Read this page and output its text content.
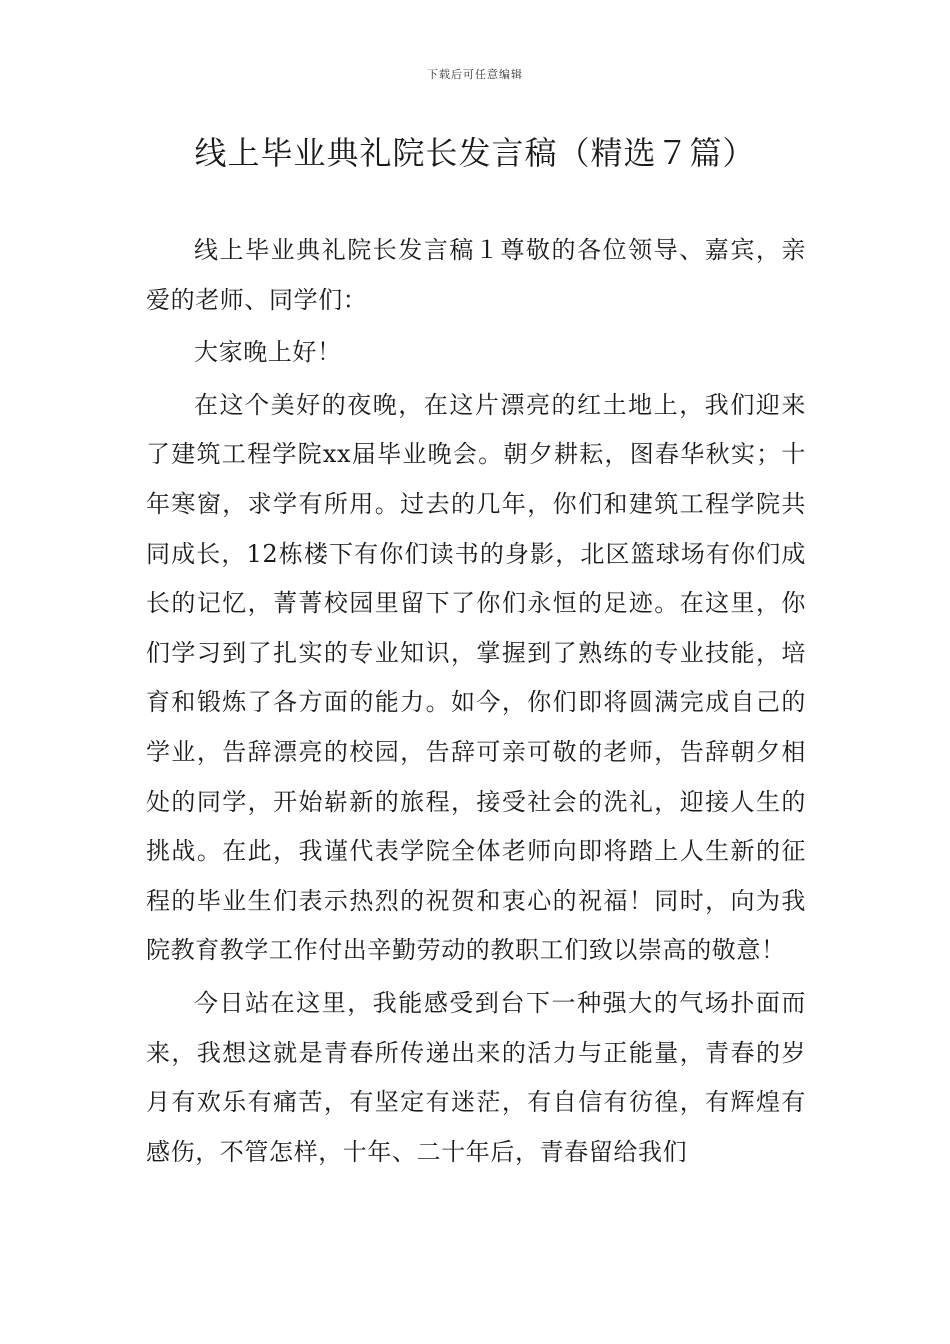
下载后可任意编辑
线上毕业典礼院长发言稿（精选７篇）

线上毕业典礼院长发言稿１尊敬的各位领导、嘉宾，亲爱的老师、同学们：

大家晚上好！

在这个美好的夜晚，在这片漂亮的红土地上，我们迎来了建筑工程学院xx届毕业晚会。朝夕耕耘，图春华秋实；十年寒窗，求学有所用。过去的几年，你们和建筑工程学院共同成长，12栋楼下有你们读书的身影，北区篮球场有你们成长的记忆，菁菁校园里留下了你们永恒的足迹。在这里，你们学习到了扎实的专业知识，掌握到了熟练的专业技能，培育和锻炼了各方面的能力。如今，你们即将圆满完成自己的学业，告辞漂亮的校园，告辞可亲可敬的老师，告辞朝夕相处的同学，开始崭新的旅程，接受社会的洗礼，迎接人生的挑战。在此，我谨代表学院全体老师向即将踏上人生新的征程的毕业生们表示热烈的祝贺和衷心的祝福！同时，向为我院教育教学工作付出辛勤劳动的教职工们致以崇高的敬意！

今日站在这里，我能感受到台下一种强大的气场扑面而来，我想这就是青春所传递出来的活力与正能量，青春的岁月有欢乐有痛苦，有坚定有迷茫，有自信有彷徨，有辉煌有感伤，不管怎样，十年、二十年后，青春留给我们
